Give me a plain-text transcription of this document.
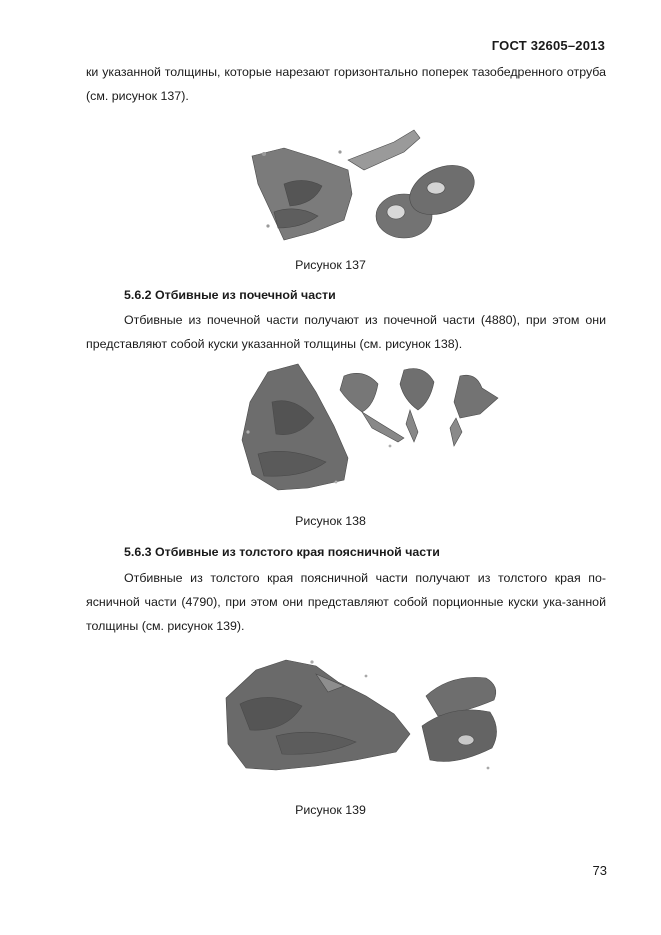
ГОСТ 32605–2013
ки указанной толщины, которые нарезают горизонтально поперек тазобедренного отруба (см. рисунок 137).
Рисунок 137
5.6.2 Отбивные из почечной части
Отбивные из почечной части получают из почечной части (4880), при этом они представляют собой куски указанной толщины (см. рисунок 138).
Рисунок 138
5.6.3 Отбивные из толстого края поясничной части
Отбивные из толстого края поясничной части получают из толстого края по-ясничной части (4790), при этом они представляют собой порционные куски ука-занной толщины (см. рисунок 139).
Рисунок 139
73
